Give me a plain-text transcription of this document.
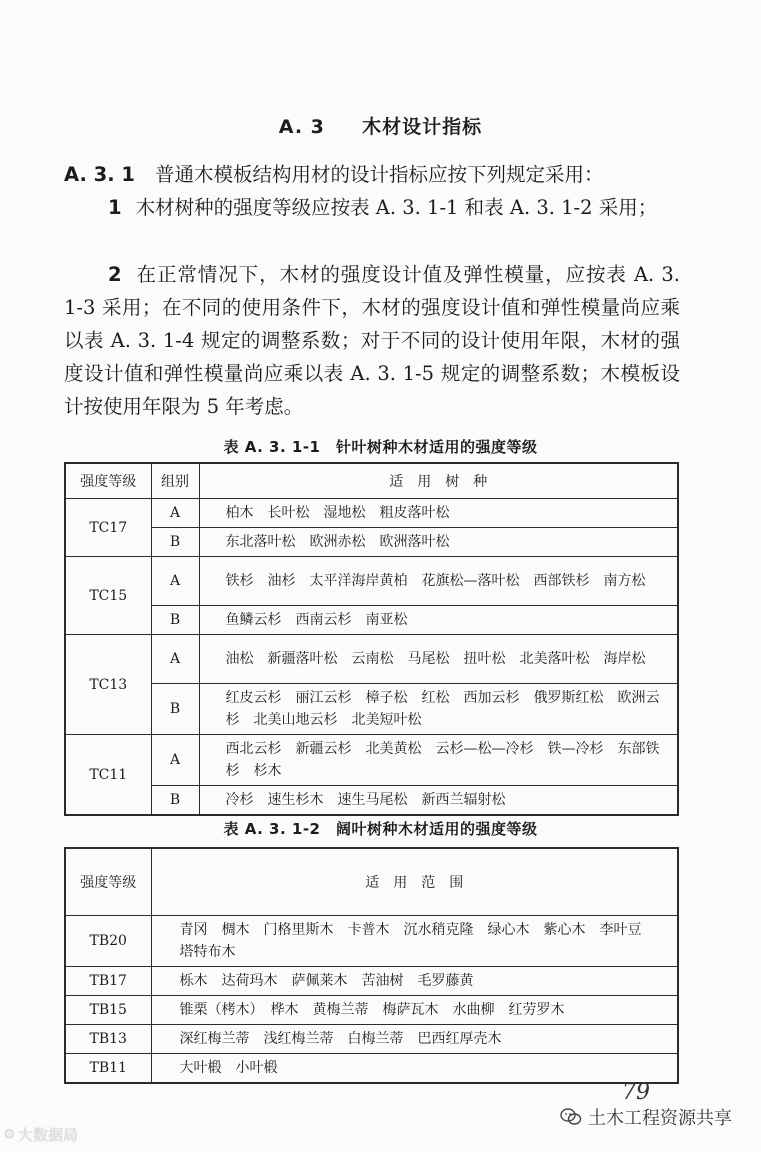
A. 3 木材设计指标
A. 3. 1 普通木模板结构用材的设计指标应按下列规定采用：
1 木材树种的强度等级应按表 A. 3. 1-1 和表 A. 3. 1-2 采用；
2 在正常情况下，木材的强度设计值及弹性模量，应按表 A. 3. 1-3 采用；在不同的使用条件下，木材的强度设计值和弹性模量尚应乘以表 A. 3. 1-4 规定的调整系数；对于不同的设计使用年限，木材的强度设计值和弹性模量尚应乘以表 A. 3. 1-5 规定的调整系数；木模板设计按使用年限为 5 年考虑。
表 A. 3. 1-1　针叶树种木材适用的强度等级
强度等级	组别	适　用　树　种
TC17	A	柏木　长叶松　湿地松　粗皮落叶松
	B	东北落叶松　欧洲赤松　欧洲落叶松
TC15	A	铁杉　油杉　太平洋海岸黄柏　花旗松—落叶松　西部铁杉　南方松
	B	鱼鳞云杉　西南云杉　南亚松
TC13	A	油松　新疆落叶松　云南松　马尾松　扭叶松　北美落叶松　海岸松
	B	红皮云杉　丽江云杉　樟子松　红松　西加云杉　俄罗斯红松　欧洲云杉　北美山地云杉　北美短叶松
TC11	A	西北云杉　新疆云杉　北美黄松　云杉—松—冷杉　铁—冷杉　东部铁杉　杉木
	B	冷杉　速生杉木　速生马尾松　新西兰辐射松
表 A. 3. 1-2　阔叶树种木材适用的强度等级
强度等级	适　用　范　围
TB20	青冈　椆木　门格里斯木　卡普木　沉水稍克隆　绿心木　紫心木　李叶豆　塔特布木
TB17	栎木　达荷玛木　萨佩莱木　苦油树　毛罗藤黄
TB15	锥栗（栲木）　桦木　黄梅兰蒂　梅萨瓦木　水曲柳　红劳罗木
TB13	深红梅兰蒂　浅红梅兰蒂　白梅兰蒂　巴西红厚壳木
TB11	大叶椴　小叶椴
79
土木工程资源共享
⊙ 大数据局
